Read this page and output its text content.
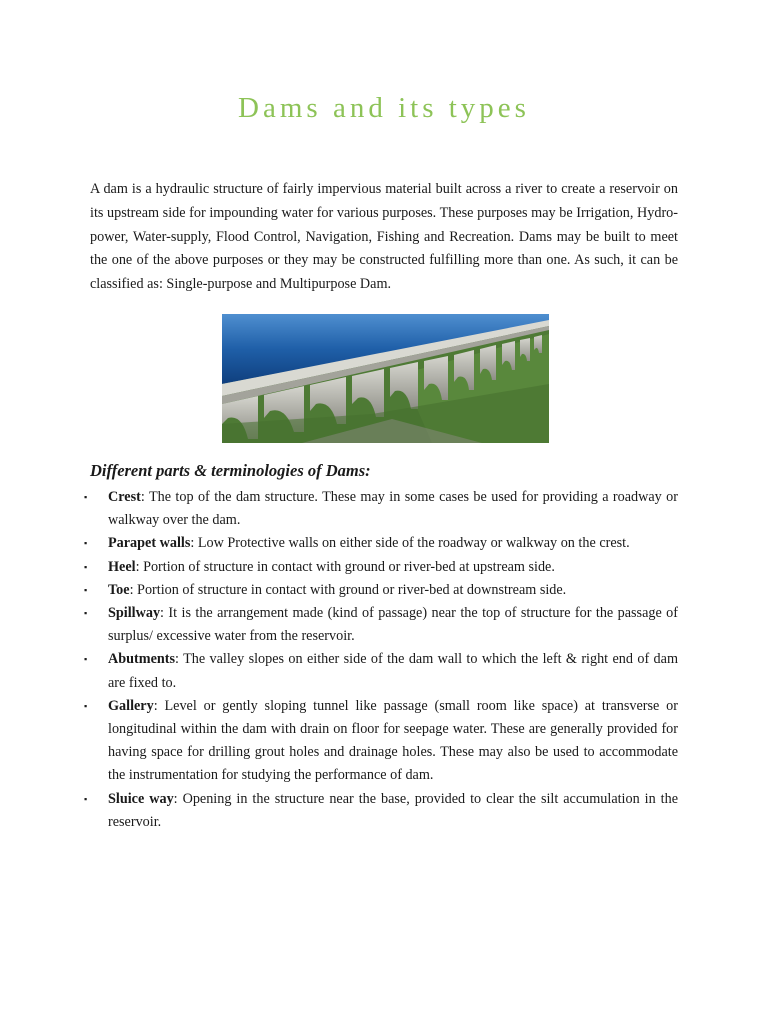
Dams and its types

A dam is a hydraulic structure of fairly impervious material built across a river to create a reservoir on its upstream side for impounding water for various purposes. These purposes may be Irrigation, Hydro-power, Water-supply, Flood Control, Navigation, Fishing and Recreation. Dams may be built to meet the one of the above purposes or they may be constructed fulfilling more than one. As such, it can be classified as: Single-purpose and Multipurpose Dam.

Different parts & terminologies of Dams:
▪ Crest: The top of the dam structure. These may in some cases be used for providing a roadway or walkway over the dam.
▪ Parapet walls: Low Protective walls on either side of the roadway or walkway on the crest.
▪ Heel: Portion of structure in contact with ground or river-bed at upstream side.
▪ Toe: Portion of structure in contact with ground or river-bed at downstream side.
▪ Spillway: It is the arrangement made (kind of passage) near the top of structure for the passage of surplus/ excessive water from the reservoir.
▪ Abutments: The valley slopes on either side of the dam wall to which the left & right end of dam are fixed to.
▪ Gallery: Level or gently sloping tunnel like passage (small room like space) at transverse or longitudinal within the dam with drain on floor for seepage water. These are generally provided for having space for drilling grout holes and drainage holes. These may also be used to accommodate the instrumentation for studying the performance of dam.
▪ Sluice way: Opening in the structure near the base, provided to clear the silt accumulation in the reservoir.
